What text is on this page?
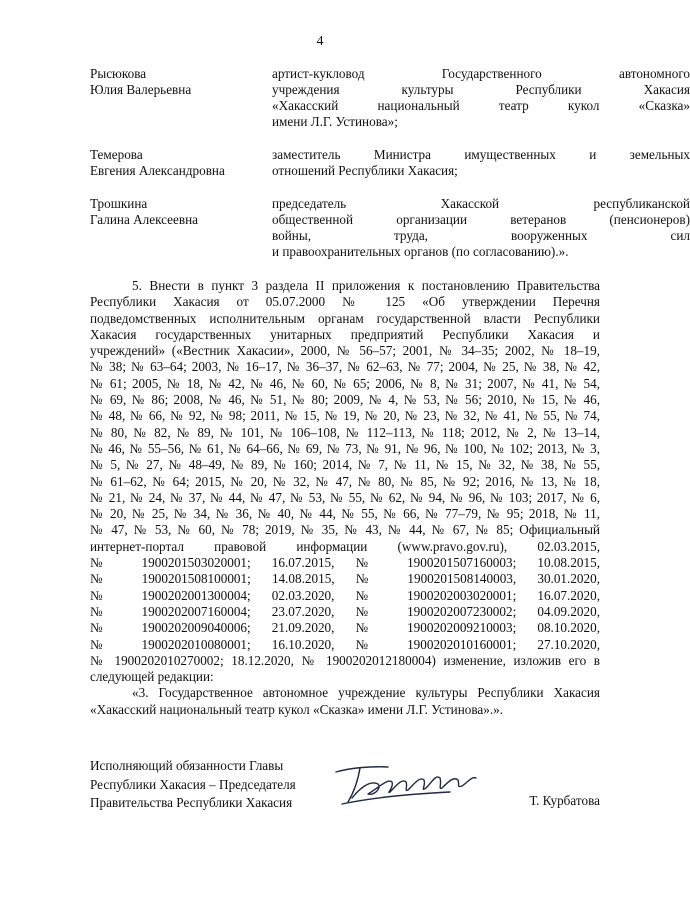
4
Рысюкова
Юлия Валерьевна
артист-кукловод Государственного автономного
учреждения культуры Республики Хакасия
«Хакасский национальный театр кукол «Сказка»
имени Л.Г. Устинова»;
Темерова
Евгения Александровна
заместитель Министра имущественных и земельных
отношений Республики Хакасия;
Трошкина
Галина Алексеевна
председатель Хакасской республиканской
общественной организации ветеранов (пенсионеров)
войны, труда, вооруженных сил
и правоохранительных органов (по согласованию).».
5. Внести в пункт 3 раздела II приложения к постановлению Правительства
Республики Хакасия от 05.07.2000 № 125 «Об утверждении Перечня
подведомственных исполнительным органам государственной власти Республики
Хакасия государственных унитарных предприятий Республики Хакасия и
учреждений» («Вестник Хакасии», 2000, № 56–57; 2001, № 34–35; 2002, № 18–19,
№ 38; № 63–64; 2003, № 16–17, № 36–37, № 62–63, № 77; 2004, № 25, № 38, № 42,
№ 61; 2005, № 18, № 42, № 46, № 60, № 65; 2006, № 8, № 31; 2007, № 41, № 54,
№ 69, № 86; 2008, № 46, № 51, № 80; 2009, № 4, № 53, № 56; 2010, № 15, № 46,
№ 48, № 66, № 92, № 98; 2011, № 15, № 19, № 20, № 23, № 32, № 41, № 55, № 74,
№ 80, № 82, № 89, № 101, № 106–108, № 112–113, № 118; 2012, № 2, № 13–14,
№ 46, № 55–56, № 61, № 64–66, № 69, № 73, № 91, № 96, № 100, № 102; 2013, № 3,
№ 5, № 27, № 48–49, № 89, № 160; 2014, № 7, № 11, № 15, № 32, № 38, № 55,
№ 61–62, № 64; 2015, № 20, № 32, № 47, № 80, № 85, № 92; 2016, № 13, № 18,
№ 21, № 24, № 37, № 44, № 47, № 53, № 55, № 62, № 94, № 96, № 103; 2017, № 6,
№ 20, № 25, № 34, № 36, № 40, № 44, № 55, № 66, № 77–79, № 95; 2018, № 11,
№ 47, № 53, № 60, № 78; 2019, № 35, № 43, № 44, № 67, № 85; Официальный
интернет-портал правовой информации (www.pravo.gov.ru), 02.03.2015,
№ 1900201503020001; 16.07.2015, № 1900201507160003; 10.08.2015,
№ 1900201508100001; 14.08.2015, № 1900201508140003, 30.01.2020,
№ 1900202001300004; 02.03.2020, № 1900202003020001; 16.07.2020,
№ 1900202007160004; 23.07.2020, № 1900202007230002; 04.09.2020,
№ 1900202009040006; 21.09.2020, № 1900202009210003; 08.10.2020,
№ 1900202010080001; 16.10.2020, № 1900202010160001; 27.10.2020,
№ 1900202010270002; 18.12.2020, № 1900202012180004) изменение, изложив его в
следующей редакции:
«3. Государственное автономное учреждение культуры Республики Хакасия
«Хакасский национальный театр кукол «Сказка» имени Л.Г. Устинова».».
Исполняющий обязанности Главы
Республики Хакасия – Председателя
Правительства Республики Хакасия	Т. Курбатова
